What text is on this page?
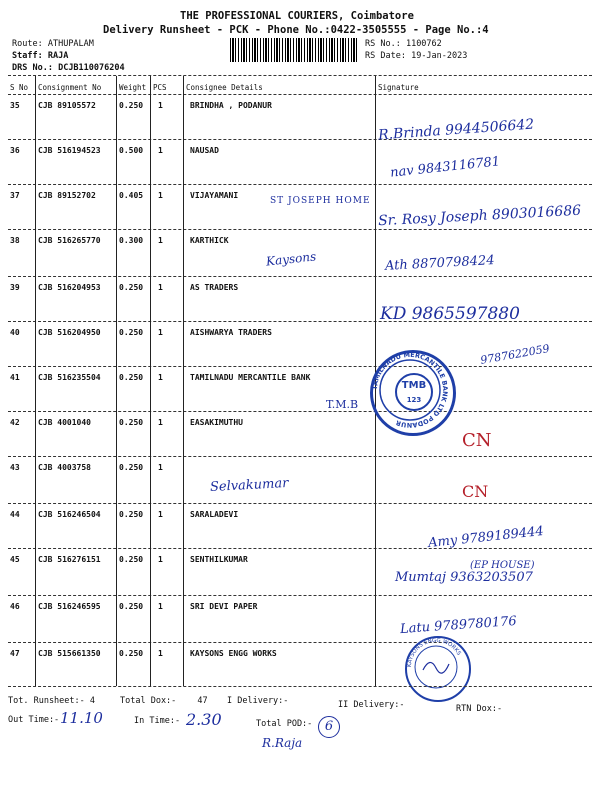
THE PROFESSIONAL COURIERS, Coimbatore
Delivery Runsheet - PCK - Phone No.:0422-3505555 - Page No.:4
Route: ATHUPALAM
Staff: RAJA
DRS No.: DCJB110076204
RS No.: 1100762
RS Date: 19-Jan-2023
S No Consignment No Weight PCS	Consignee Details	Signature
35 CJB 89105572	0.250 1	BRINDHA , PODANUR
36 CJB 516194523 0.500 1	NAUSAD
37 CJB 89152702	0.405 1	VIJAYAMANI
38 CJB 516265770 0.300 1	KARTHICK
39 CJB 516204953 0.250 1	AS TRADERS
40 CJB 516204950 0.250 1	AISHWARYA TRADERS
41 CJB 516235504 0.250 1	TAMILNADU MERCANTILE BANK
42 CJB 4001040	0.250 1	EASAKIMUTHU
43 CJB 4003758	0.250 1
44 CJB 516246504 0.250 1	SARALADEVI
45 CJB 516276151 0.250 1	SENTHILKUMAR
46 CJB 516246595 0.250 1	SRI DEVI PAPER
47 CJB 515661350 0.250 1	KAYSONS ENGG WORKS
TAMILNADU MERCANTILE BANK LTD PODANUR
TMB
123
KAYSONS ENGG WORKS
R.Brinda 9944506642
nav 9843116781
ST JOSEPH HOME
Sr. Rosy Joseph 8903016686
Kaysons	Ath 8870798424
KD 9865597880
9787622059
T.M.B
CN
Selvakumar	CN
Amy 9789189444
(EP HOUSE)
Mumtaj 9363203507
Latu 9789780176
Tot. Runsheet:- 4	Total Dox:- 47 I Delivery:-	II Delivery:-	RTN Dox:-
Out Time:- 11.10	In Time:- 2.30	Total POD:- 6
R.Raja
